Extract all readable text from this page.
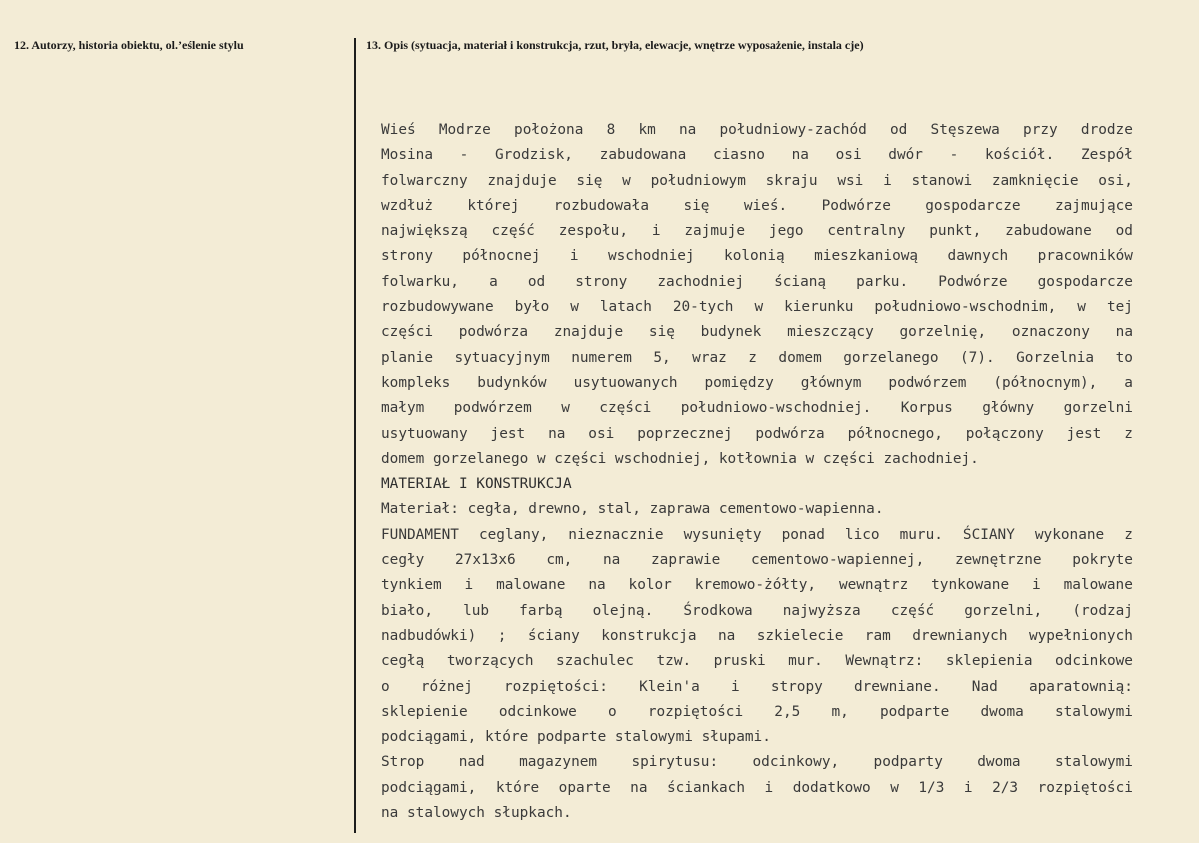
12. Autorzy, historia obiektu, ol.’eślenie stylu	13. Opis (sytuacja, materiał i konstrukcja, rzut, bryła, elewacje, wnętrze wyposażenie, instala cje)
Wieś Modrze położona 8 km na południowy-zachód od Stęszewa przy drodze
Mosina - Grodzisk, zabudowana ciasno na osi dwór - kościół. Zespół
folwarczny znajduje się w południowym skraju wsi i stanowi zamknięcie osi,
wzdłuż której rozbudowała się wieś. Podwórze gospodarcze zajmujące
największą część zespołu, i zajmuje jego centralny punkt, zabudowane od
strony północnej i wschodniej kolonią mieszkaniową dawnych pracowników
folwarku, a od strony zachodniej ścianą parku. Podwórze gospodarcze
rozbudowywane było w latach 20-tych w kierunku południowo-wschodnim, w tej
części podwórza znajduje się budynek mieszczący gorzelnię, oznaczony na
planie sytuacyjnym numerem 5, wraz z domem gorzelanego (7). Gorzelnia to
kompleks budynków usytuowanych pomiędzy głównym podwórzem (północnym), a
małym podwórzem w części południowo-wschodniej. Korpus główny gorzelni
usytuowany jest na osi poprzecznej podwórza północnego, połączony jest z
domem gorzelanego w części wschodniej, kotłownia w części zachodniej.
MATERIAŁ I KONSTRUKCJA
Materiał: cegła, drewno, stal, zaprawa cementowo-wapienna.
FUNDAMENT ceglany, nieznacznie wysunięty ponad lico muru. ŚCIANY wykonane z
cegły 27x13x6 cm, na zaprawie cementowo-wapiennej, zewnętrzne pokryte
tynkiem i malowane na kolor kremowo-żółty, wewnątrz tynkowane i malowane
biało, lub farbą olejną. Środkowa najwyższa część gorzelni, (rodzaj
nadbudówki) ; ściany konstrukcja na szkielecie ram drewnianych wypełnionych
cegłą tworzących szachulec tzw. pruski mur. Wewnątrz: sklepienia odcinkowe
o różnej rozpiętości: Klein'a i stropy drewniane. Nad aparatownią:
sklepienie odcinkowe o rozpiętości 2,5 m, podparte dwoma stalowymi
podciągami, które podparte stalowymi słupami.
Strop nad magazynem spirytusu: odcinkowy, podparty dwoma stalowymi
podciągami, które oparte na ściankach i dodatkowo w 1/3 i 2/3 rozpiętości
na stalowych słupkach.
